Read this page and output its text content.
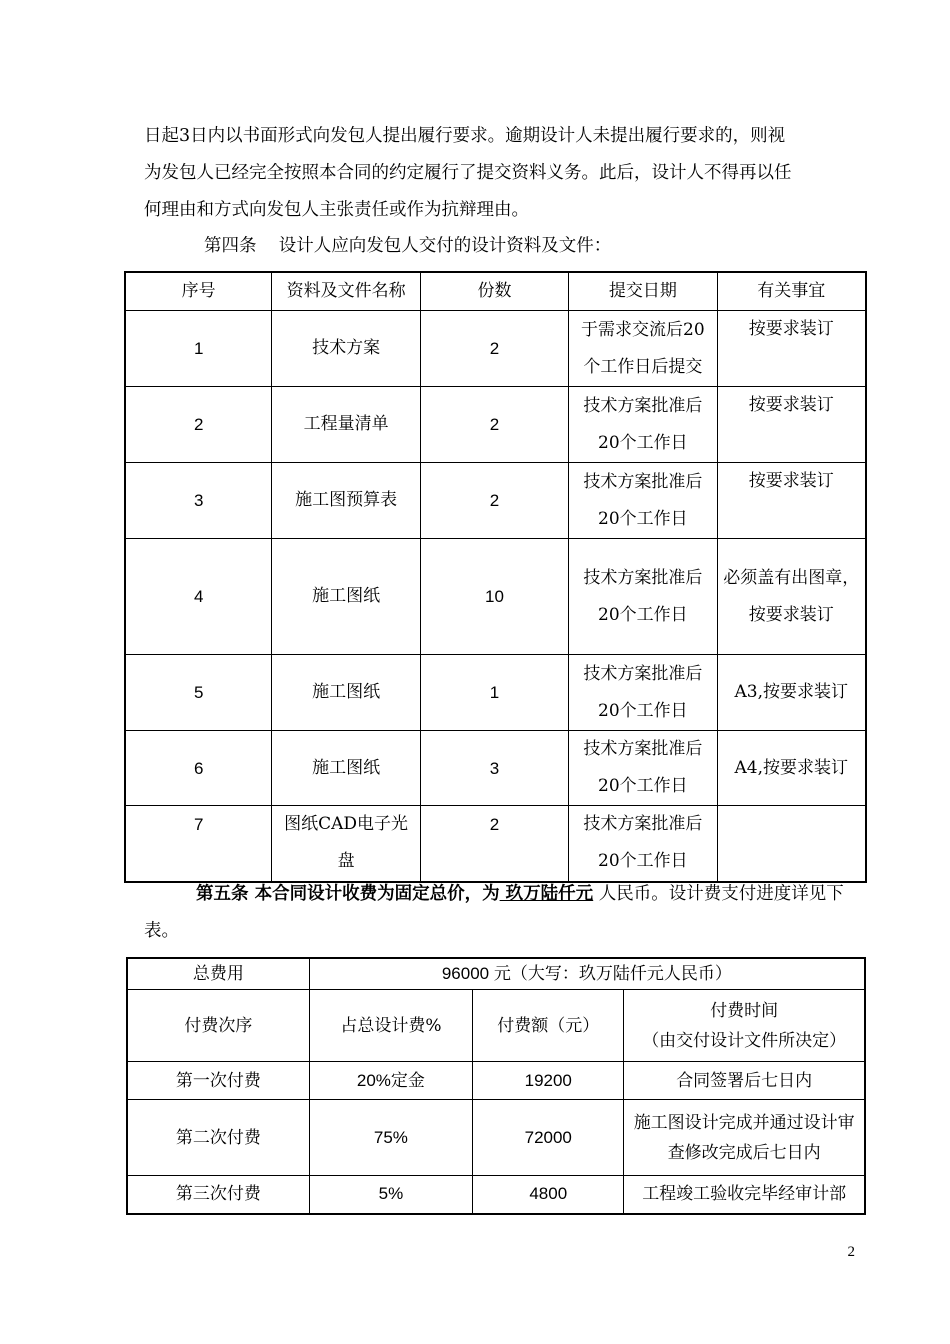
日起3日内以书面形式向发包人提出履行要求。逾期设计人未提出履行要求的，则视

为发包人已经完全按照本合同的约定履行了提交资料义务。此后，设计人不得再以任

何理由和方式向发包人主张责任或作为抗辩理由。

第四条 设计人应向发包人交付的设计资料及文件：
序号	资料及文件名称	份数	提交日期	有关事宜
1	技术方案	2	于需求交流后20个工作日后提交	按要求装订
2	工程量清单	2	技术方案批准后20个工作日	按要求装订
3	施工图预算表	2	技术方案批准后20个工作日	按要求装订
4	施工图纸	10	技术方案批准后20个工作日	必须盖有出图章，按要求装订
5	施工图纸	1	技术方案批准后20个工作日	A3,按要求装订
6	施工图纸	3	技术方案批准后20个工作日	A4,按要求装订
7	图纸CAD电子光盘	2	技术方案批准后20个工作日	
第五条 本合同设计收费为固定总价，为 玖万陆仟元 人民币。设计费支付进度详见下表。
总费用	96000 元（大写：玖万陆仟元人民币）		
付费次序	占总设计费%	付费额（元）	付费时间
（由交付设计文件所决定）

第一次付费	20%定金	19200	合同签署后七日内
第二次付费	75%	72000	施工图设计完成并通过设计审查修改完成后七日内
第三次付费	5%	4800	工程竣工验收完毕经审计部
2
